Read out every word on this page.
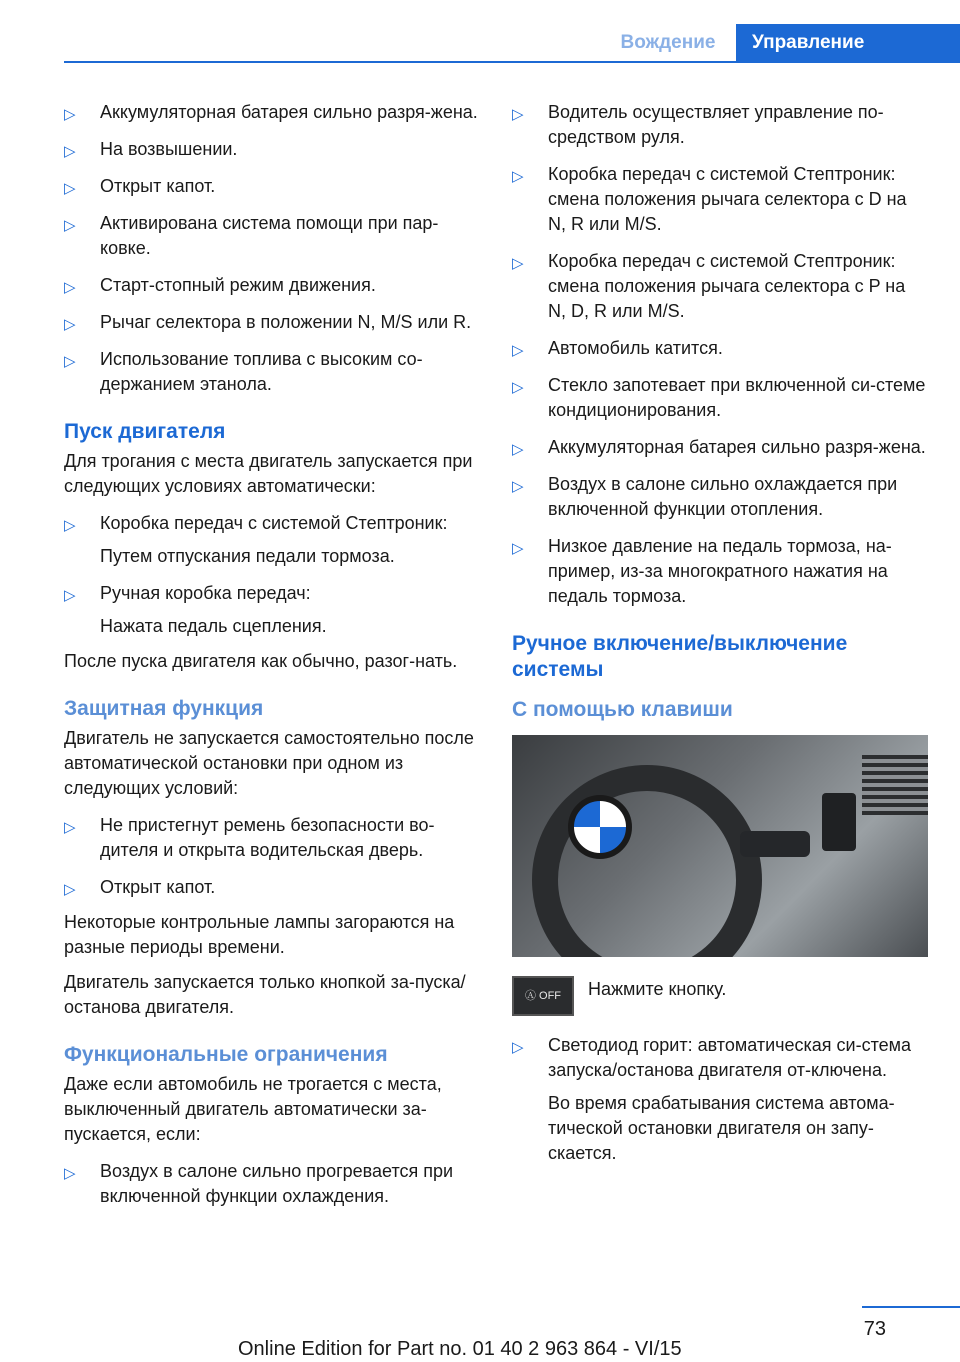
Вождение	Управление
▷ Аккумуляторная батарея сильно разря-жена.
▷ На возвышении.
▷ Открыт капот.
▷ Активирована система помощи при пар-ковке.
▷ Старт-стопный режим движения.
▷ Рычаг селектора в положении N, M/S или R.
▷ Использование топлива с высоким со-держанием этанола.
Пуск двигателя

Для трогания с места двигатель запускается при следующих условиях автоматически:

▷ Коробка передач с системой Стептроник:

Путем отпускания педали тормоза.

▷ Ручная коробка передач:

Нажата педаль сцепления.

После пуска двигателя как обычно, разог-нать.

Защитная функция

Двигатель не запускается самостоятельно после автоматической остановки при одном из следующих условий:

▷ Не пристегнут ремень безопасности во-дителя и открыта водительская дверь.
▷ Открыт капот.

Некоторые контрольные лампы загораются на разные периоды времени.

Двигатель запускается только кнопкой за-пуска/останова двигателя.

Функциональные ограничения

Даже если автомобиль не трогается с места, выключенный двигатель автоматически за-пускается, если:

▷ Воздух в салоне сильно прогревается при включенной функции охлаждения.
▷ Водитель осуществляет управление по-средством руля.
▷ Коробка передач с системой Стептроник: смена положения рычага селектора с D на N, R или M/S.
▷ Коробка передач с системой Стептроник: смена положения рычага селектора с P на N, D, R или M/S.
▷ Автомобиль катится.
▷ Стекло запотевает при включенной си-стеме кондиционирования.
▷ Аккумуляторная батарея сильно разря-жена.
▷ Воздух в салоне сильно охлаждается при включенной функции отопления.
▷ Низкое давление на педаль тормоза, на-пример, из-за многократного нажатия на педаль тормоза.
Ручное включение/выключение системы
С помощью клавиши
Ⓐ OFF	Нажмите кнопку.
▷ Светодиод горит: автоматическая си-стема запуска/останова двигателя от-ключена.

Во время срабатывания система автома-тической остановки двигателя он запу-скается.

73
Online Edition for Part no. 01 40 2 963 864 - VI/15
